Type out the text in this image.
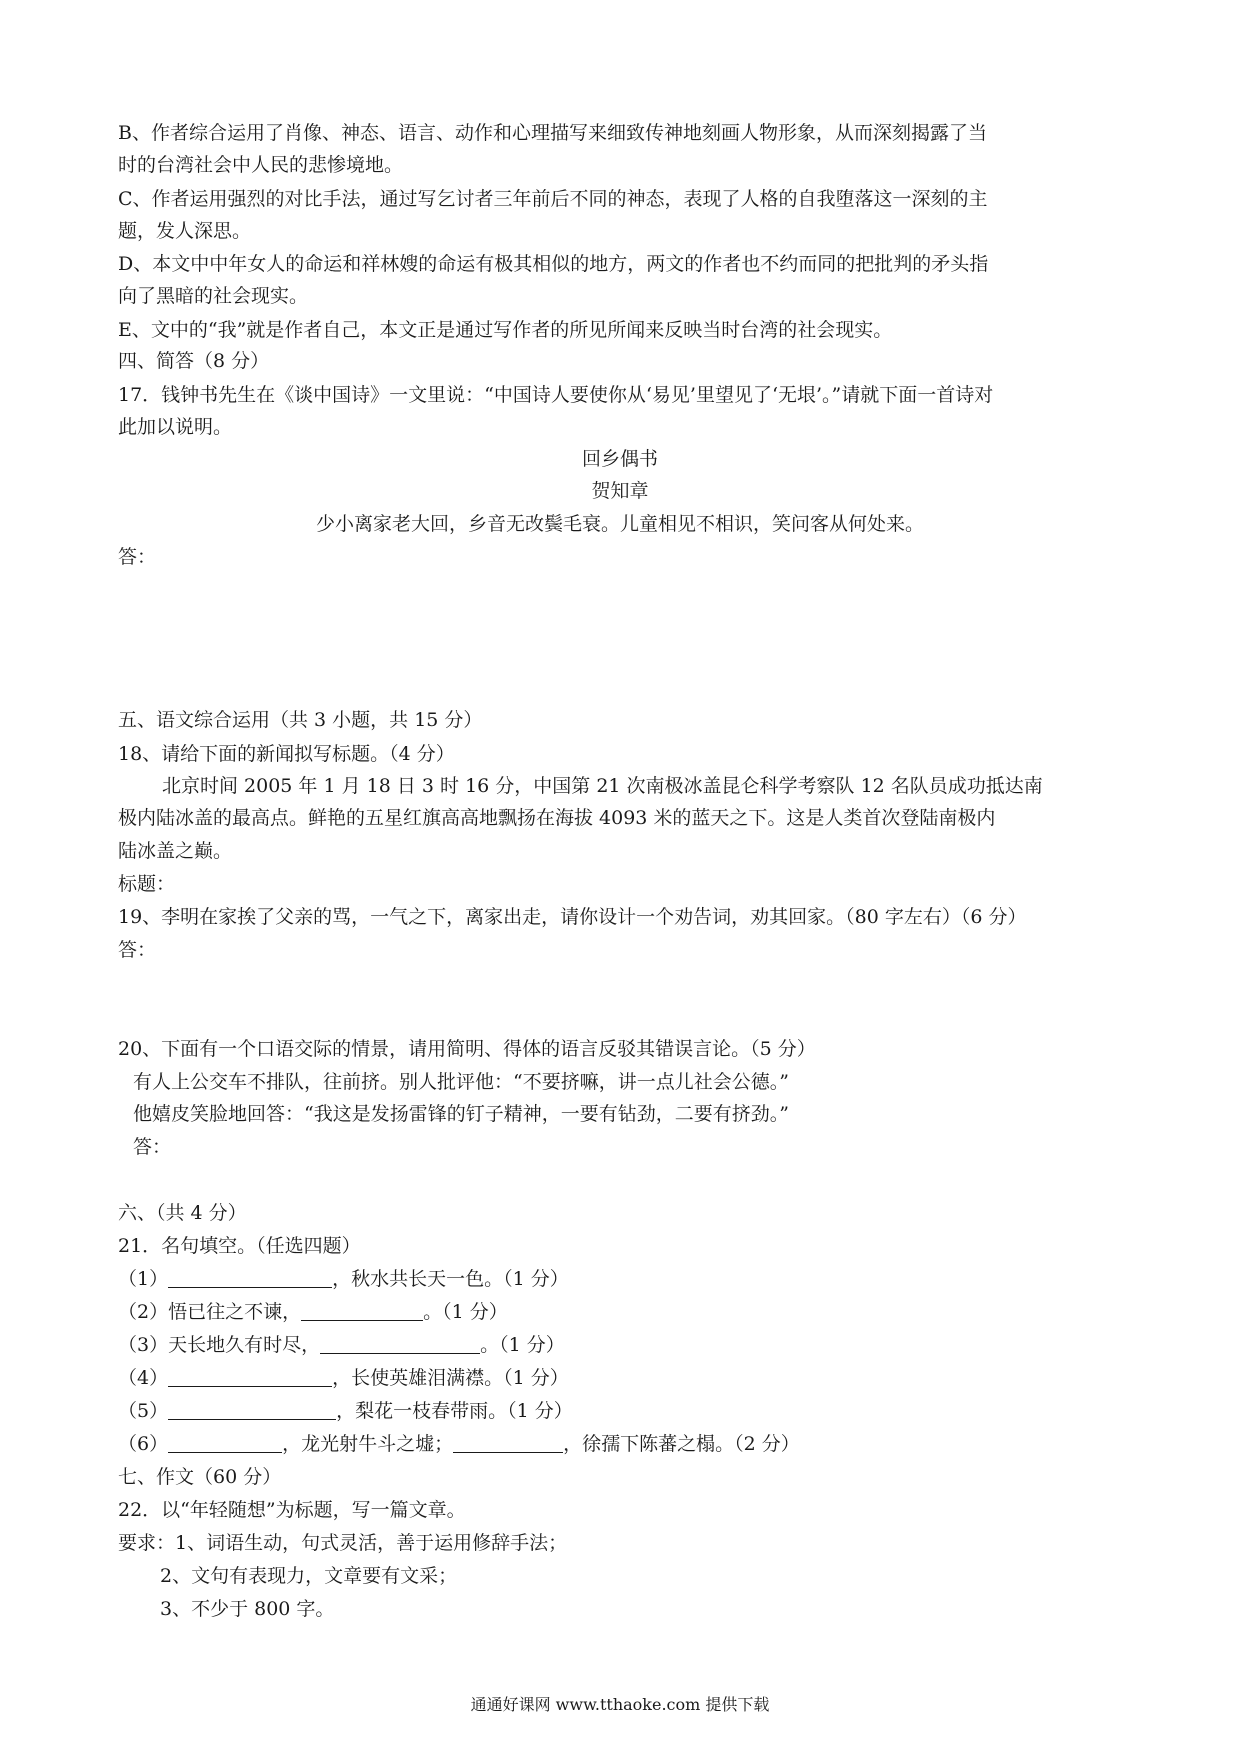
B、作者综合运用了肖像、神态、语言、动作和心理描写来细致传神地刻画人物形象，从而深刻揭露了当
时的台湾社会中人民的悲惨境地。
C、作者运用强烈的对比手法，通过写乞讨者三年前后不同的神态，表现了人格的自我堕落这一深刻的主
题，发人深思。
D、本文中中年女人的命运和祥林嫂的命运有极其相似的地方，两文的作者也不约而同的把批判的矛头指
向了黑暗的社会现实。
E、文中的“我”就是作者自己，本文正是通过写作者的所见所闻来反映当时台湾的社会现实。
四、简答（8 分）
17．钱钟书先生在《谈中国诗》一文里说：“中国诗人要使你从‘易见’里望见了‘无垠’。”请就下面一首诗对
此加以说明。
回乡偶书
贺知章
少小离家老大回，乡音无改鬓毛衰。儿童相见不相识，笑问客从何处来。
答：
五、语文综合运用（共 3 小题，共 15 分）
18、请给下面的新闻拟写标题。（4 分）
北京时间 2005 年 1 月 18 日 3 时 16 分，中国第 21 次南极冰盖昆仑科学考察队 12 名队员成功抵达南
极内陆冰盖的最高点。鲜艳的五星红旗高高地飘扬在海拔 4093 米的蓝天之下。这是人类首次登陆南极内
陆冰盖之巅。
标题：
19、李明在家挨了父亲的骂，一气之下，离家出走，请你设计一个劝告词，劝其回家。（80 字左右）（6 分）
答：
20、下面有一个口语交际的情景，请用简明、得体的语言反驳其错误言论。（5 分）
有人上公交车不排队，往前挤。别人批评他：“不要挤嘛，讲一点儿社会公德。”
他嬉皮笑脸地回答：“我这是发扬雷锋的钉子精神，一要有钻劲，二要有挤劲。”
答：
六、（共 4 分）
21．名句填空。（任选四题）
（1）	，秋水共长天一色。（1 分）
（2）悟已往之不谏，	。（1 分）
（3）天长地久有时尽，	。（1 分）
（4）	，长使英雄泪满襟。（1 分）
（5）	，梨花一枝春带雨。（1 分）
（6）	，龙光射牛斗之墟；	，徐孺下陈蕃之榻。（2 分）
七、作文（60 分）
22．以“年轻随想”为标题，写一篇文章。
要求：1、词语生动，句式灵活，善于运用修辞手法；
2、文句有表现力，文章要有文采；
3、不少于 800 字。
通通好课网 www.tthaoke.com 提供下载
